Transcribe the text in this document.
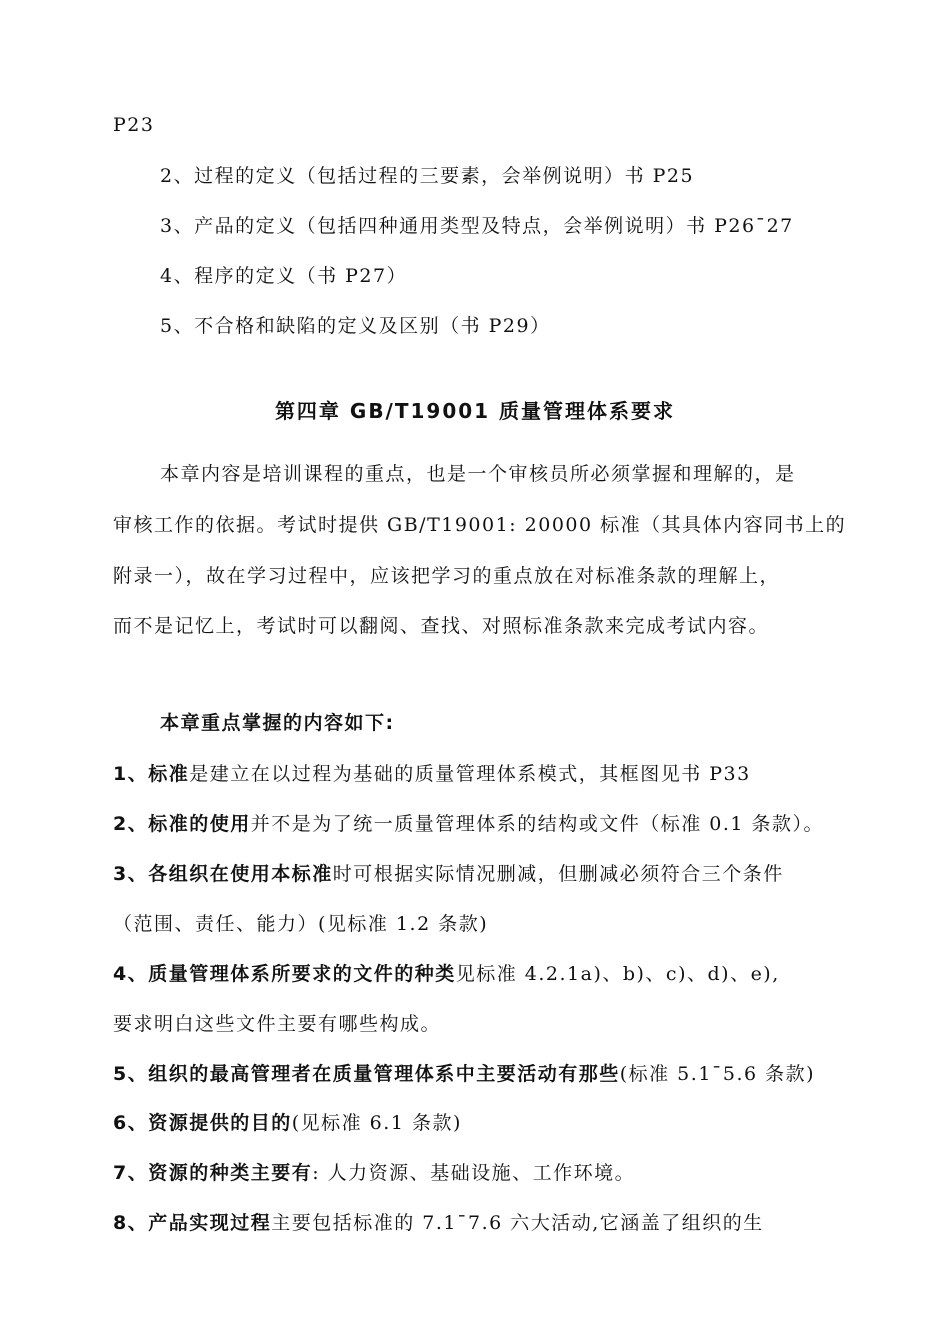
P23
2、过程的定义（包括过程的三要素，会举例说明）书 P25
3、产品的定义（包括四种通用类型及特点，会举例说明）书 P26¯27
4、程序的定义（书 P27）
5、不合格和缺陷的定义及区别（书 P29）
第四章 GB/T19001 质量管理体系要求
本章内容是培训课程的重点，也是一个审核员所必须掌握和理解的，是
审核工作的依据。考试时提供 GB/T19001: 20000 标准（其具体内容同书上的
附录一），故在学习过程中，应该把学习的重点放在对标准条款的理解上，
而不是记忆上，考试时可以翻阅、查找、对照标准条款来完成考试内容。
本章重点掌握的内容如下:
1、标准是建立在以过程为基础的质量管理体系模式，其框图见书 P33
2、标准的使用并不是为了统一质量管理体系的结构或文件（标准 0.1 条款）。
3、各组织在使用本标准时可根据实际情况删减，但删减必须符合三个条件
（范围、责任、能力）(见标准 1.2 条款)
4、质量管理体系所要求的文件的种类见标准 4.2.1a)、b)、c)、d)、e),
要求明白这些文件主要有哪些构成。
5、组织的最高管理者在质量管理体系中主要活动有那些(标准 5.1¯5.6 条款)
6、资源提供的目的(见标准 6.1 条款)
7、资源的种类主要有: 人力资源、基础设施、工作环境。
8、产品实现过程主要包括标准的 7.1¯7.6 六大活动,它涵盖了组织的生
